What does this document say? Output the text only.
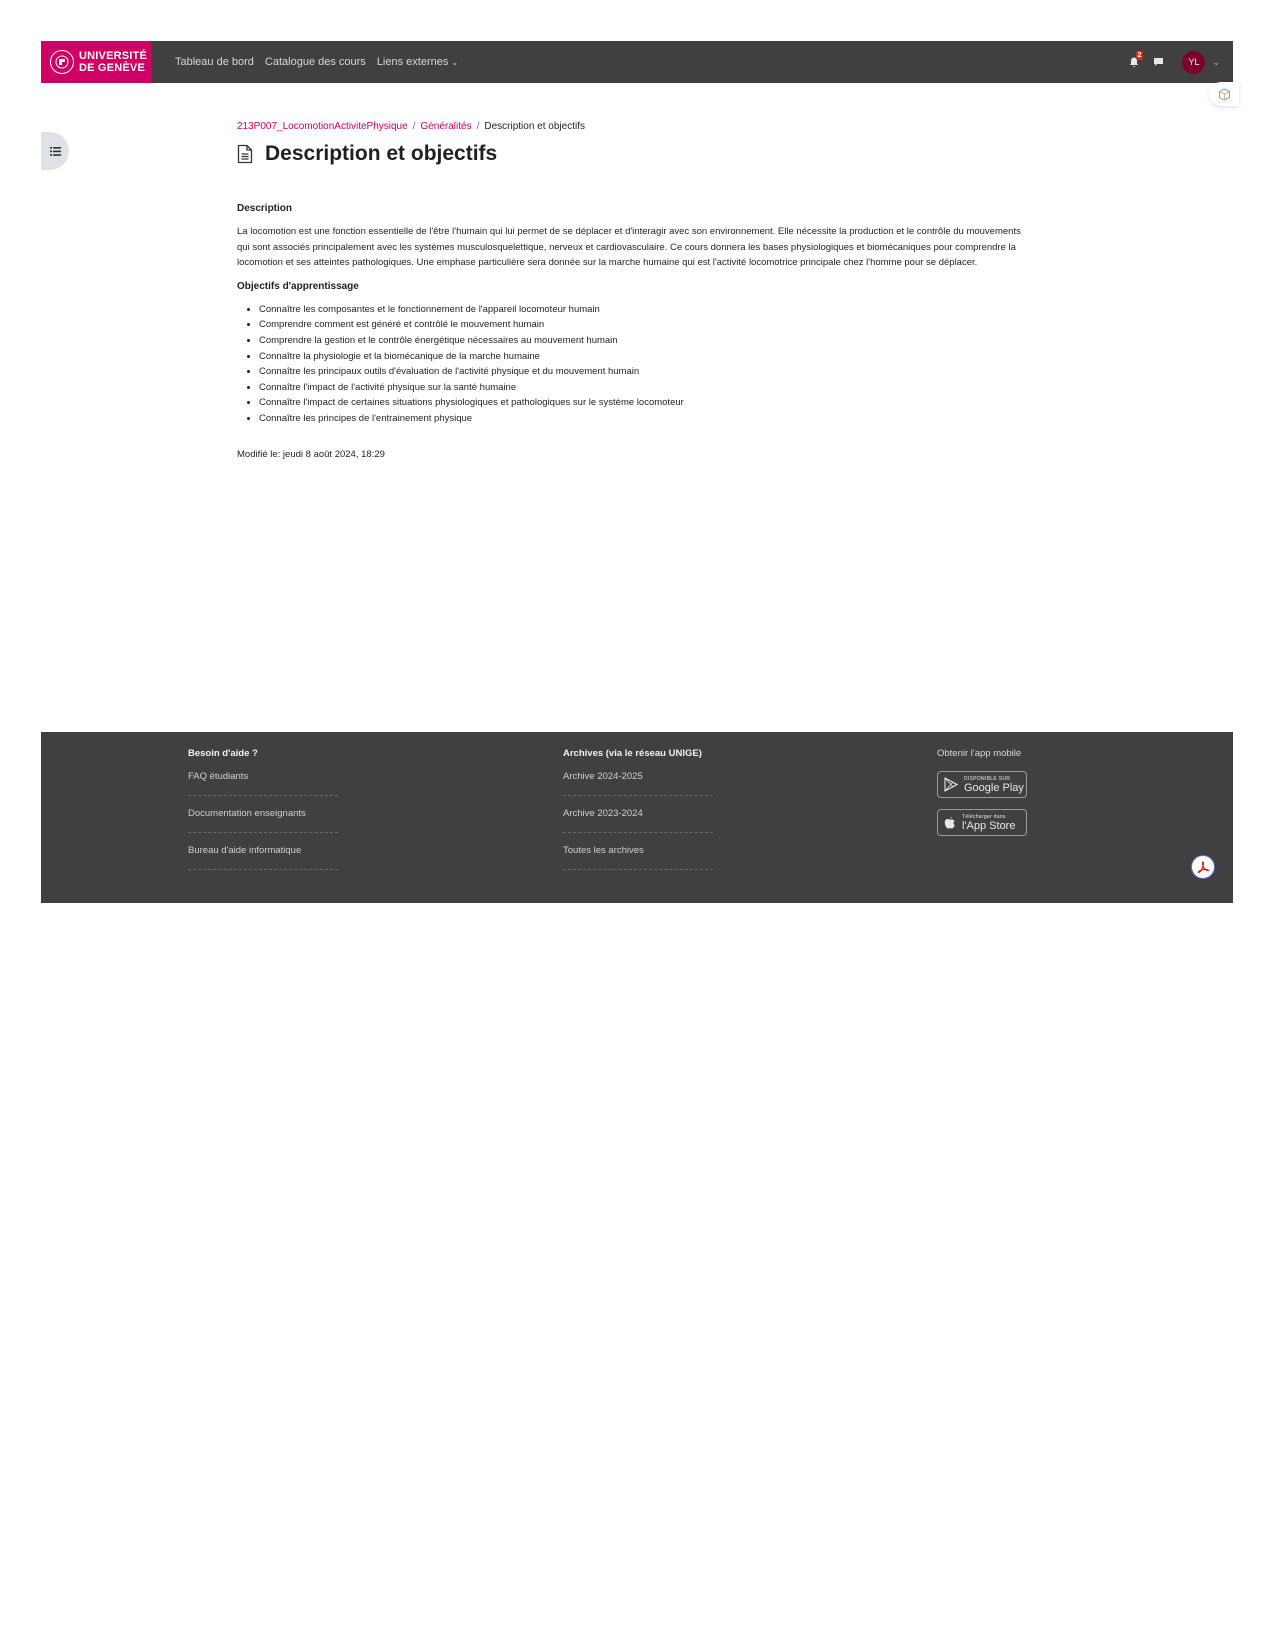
UNIVERSITÉ
DE GENÈVE	Tableau de bord Catalogue des cours Liens externes ⌄
2
YL	⌄
213P007_LocomotionActivitePhysique / Généralités / Description et objectifs
Description et objectifs
Description

La locomotion est une fonction essentielle de l'être l'humain qui lui permet de se déplacer et d'interagir avec son environnement. Elle nécessite la production et le contrôle du mouvements qui sont associés principalement avec les systèmes musculosquelettique, nerveux et cardiovasculaire. Ce cours donnera les bases physiologiques et biomécaniques pour comprendre la locomotion et ses atteintes pathologiques. Une emphase particulière sera donnée sur la marche humaine qui est l'activité locomotrice principale chez l'homme pour se déplacer.

Objectifs d'apprentissage
• Connaître les composantes et le fonctionnement de l'appareil locomoteur humain
• Comprendre comment est généré et contrôlé le mouvement humain
• Comprendre la gestion et le contrôle énergétique nécessaires au mouvement humain
• Connaître la physiologie et la biomécanique de la marche humaine
• Connaître les principaux outils d'évaluation de l'activité physique et du mouvement humain
• Connaître l'impact de l'activité physique sur la santé humaine
• Connaître l'impact de certaines situations physiologiques et pathologiques sur le système locomoteur
• Connaître les principes de l'entrainement physique
Modifié le: jeudi 8 août 2024, 18:29
Besoin d'aide ?
FAQ étudiants
Documentation enseignants
Bureau d'aide informatique
Archives (via le réseau UNIGE)
Archive 2024-2025
Archive 2023-2024
Toutes les archives
Obtenir l'app mobile
DISPONIBLE SUR
Google Play
Télécharger dans
l'App Store
